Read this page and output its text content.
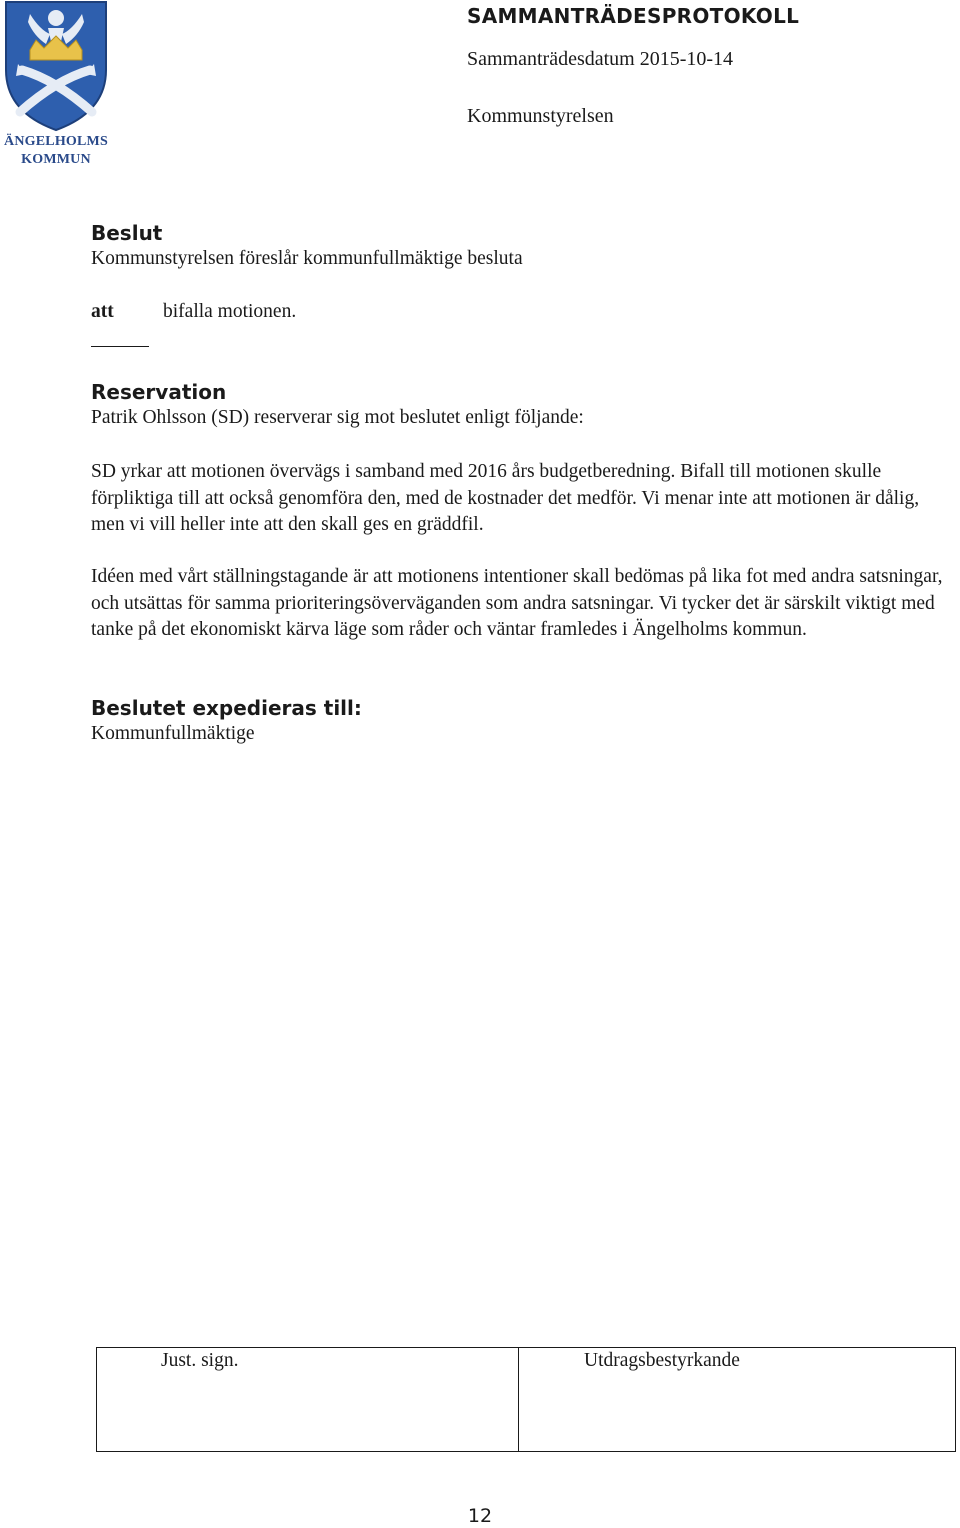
ÄNGELHOLMS
KOMMUN
SAMMANTRÄDESPROTOKOLL
Sammanträdesdatum 2015-10-14
Kommunstyrelsen
Beslut

Kommunstyrelsen föreslår kommunfullmäktige besluta

att	bifalla motionen.
Reservation

Patrik Ohlsson (SD) reserverar sig mot beslutet enligt följande:

SD yrkar att motionen övervägs i samband med 2016 års budgetberedning. Bifall till motionen skulle förpliktiga till att också genomföra den, med de kostnader det medför. Vi menar inte att motionen är dålig, men vi vill heller inte att den skall ges en gräddfil.

Idéen med vårt ställningstagande är att motionens intentioner skall bedömas på lika fot med andra satsningar, och utsättas för samma prioriteringsöverväganden som andra satsningar. Vi tycker det är särskilt viktigt med tanke på det ekonomiskt kärva läge som råder och väntar framledes i Ängelholms kommun.

Beslutet expedieras till:

Kommunfullmäktige

Just. sign.	Utdragsbestyrkande
12
